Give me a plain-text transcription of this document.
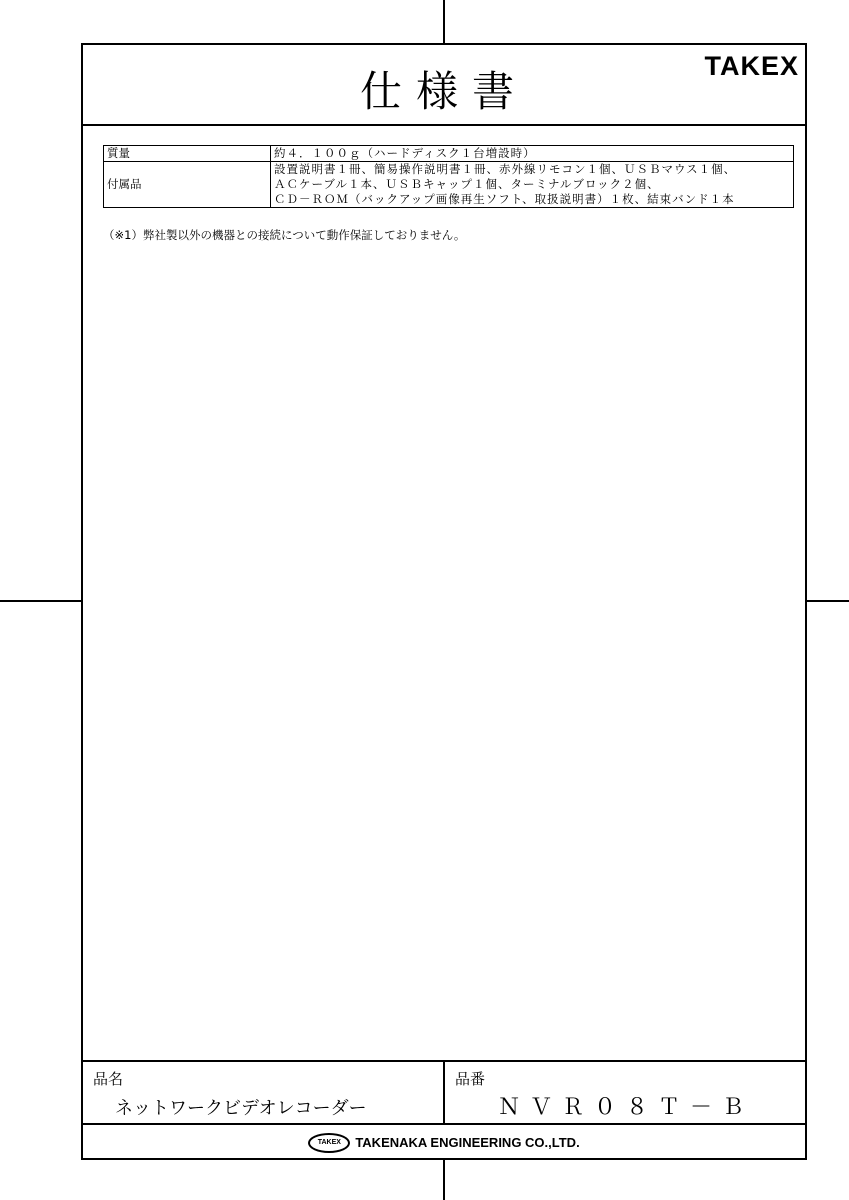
仕様書
TAKEX
質量	約４．１００ｇ（ハードディスク１台増設時）

付属品	設置説明書１冊、簡易操作説明書１冊、赤外線リモコン１個、ＵＳＢマウス１個、
ＡＣケーブル１本、ＵＳＢキャップ１個、ターミナルブロック２個、
ＣＤ－ＲＯＭ（バックアップ画像再生ソフト、取扱説明書）１枚、結束バンド１本
（※1）弊社製以外の機器との接続について動作保証しておりません。
品名
ネットワークビデオレコーダー
品番
ＮＶＲ０８Ｔ－Ｂ
TAKEX	TAKENAKA ENGINEERING CO.,LTD.
